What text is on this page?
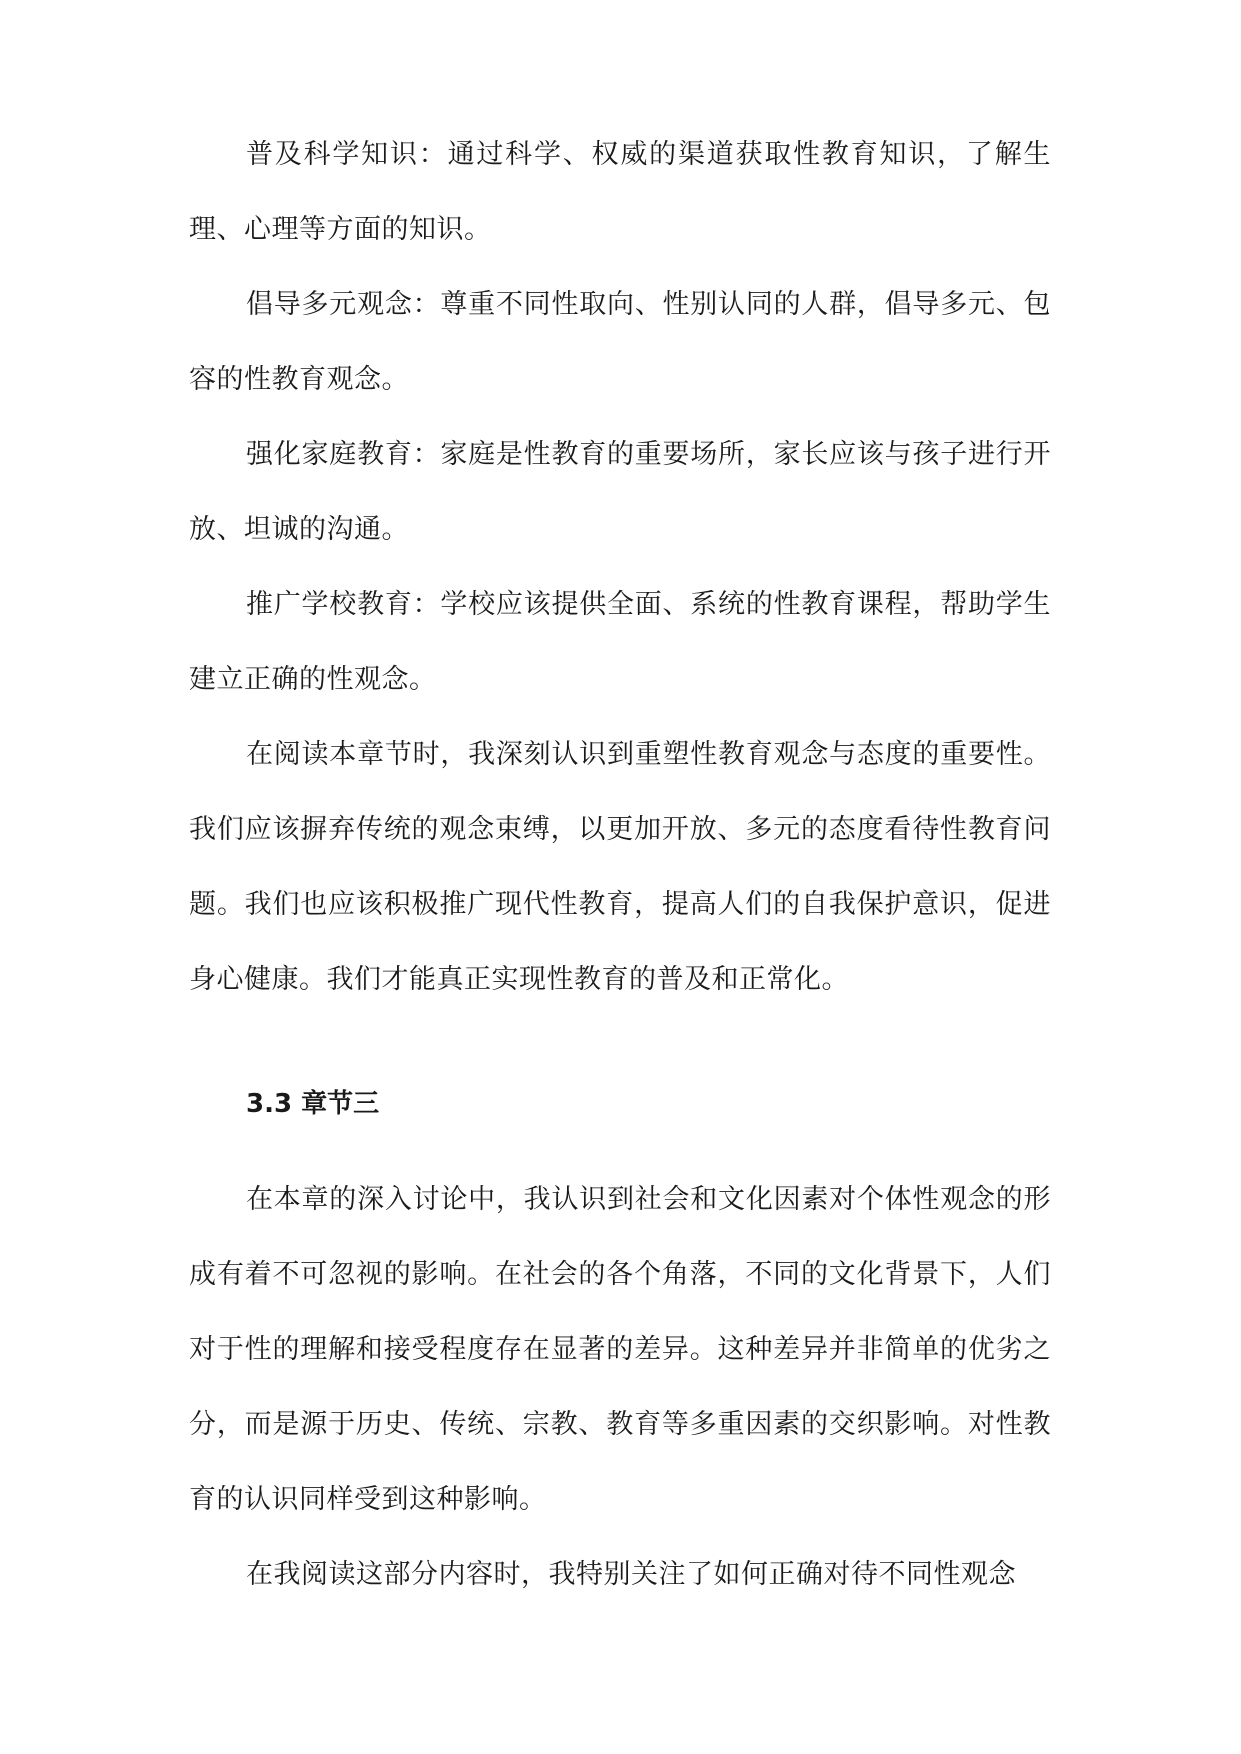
普及科学知识：通过科学、权威的渠道获取性教育知识，了解生理、心理等方面的知识。

倡导多元观念：尊重不同性取向、性别认同的人群，倡导多元、包容的性教育观念。

强化家庭教育：家庭是性教育的重要场所，家长应该与孩子进行开放、坦诚的沟通。

推广学校教育：学校应该提供全面、系统的性教育课程，帮助学生建立正确的性观念。

在阅读本章节时，我深刻认识到重塑性教育观念与态度的重要性。我们应该摒弃传统的观念束缚，以更加开放、多元的态度看待性教育问题。我们也应该积极推广现代性教育，提高人们的自我保护意识，促进身心健康。我们才能真正实现性教育的普及和正常化。

3.3 章节三

在本章的深入讨论中，我认识到社会和文化因素对个体性观念的形成有着不可忽视的影响。在社会的各个角落，不同的文化背景下，人们对于性的理解和接受程度存在显著的差异。这种差异并非简单的优劣之分，而是源于历史、传统、宗教、教育等多重因素的交织影响。对性教育的认识同样受到这种影响。

在我阅读这部分内容时，我特别关注了如何正确对待不同性观念
